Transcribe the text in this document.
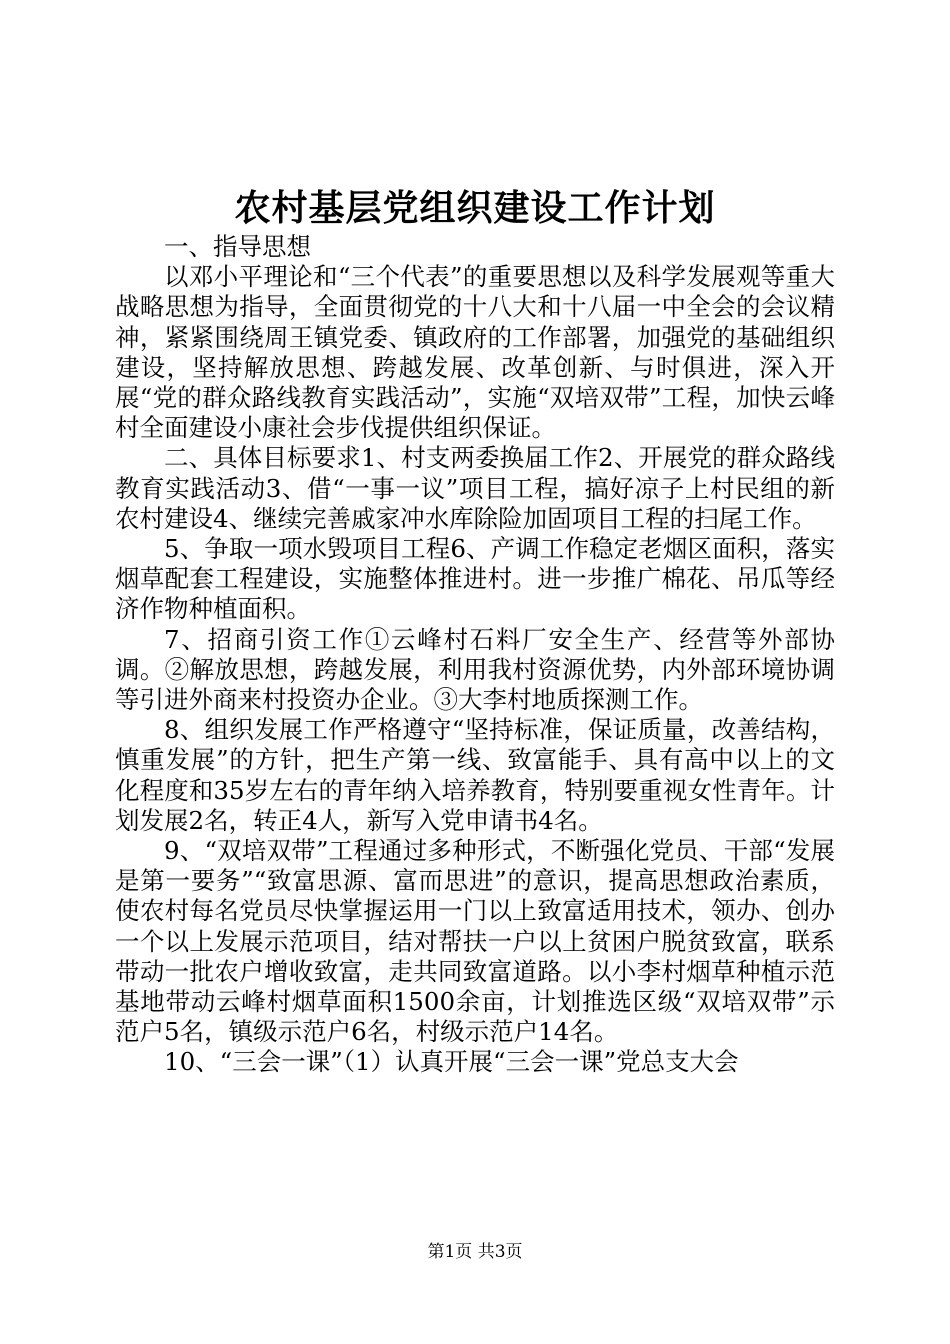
农村基层党组织建设工作计划

一、指导思想

以邓小平理论和“三个代表”的重要思想以及科学发展观等重大战略思想为指导，全面贯彻党的十八大和十八届一中全会的会议精神，紧紧围绕周王镇党委、镇政府的工作部署，加强党的基础组织建设，坚持解放思想、跨越发展、改革创新、与时俱进，深入开展“党的群众路线教育实践活动”，实施“双培双带”工程，加快云峰村全面建设小康社会步伐提供组织保证。

二、具体目标要求1、村支两委换届工作2、开展党的群众路线教育实践活动3、借“一事一议”项目工程，搞好凉子上村民组的新农村建设4、继续完善戚家冲水库除险加固项目工程的扫尾工作。

5、争取一项水毁项目工程6、产调工作稳定老烟区面积，落实烟草配套工程建设，实施整体推进村。进一步推广棉花、吊瓜等经济作物种植面积。

7、招商引资工作①云峰村石料厂安全生产、经营等外部协调。②解放思想，跨越发展，利用我村资源优势，内外部环境协调等引进外商来村投资办企业。③大李村地质探测工作。

8、组织发展工作严格遵守“坚持标准，保证质量，改善结构，慎重发展”的方针，把生产第一线、致富能手、具有高中以上的文化程度和35岁左右的青年纳入培养教育，特别要重视女性青年。计划发展2名，转正4人，新写入党申请书4名。

9、“双培双带”工程通过多种形式，不断强化党员、干部“发展是第一要务”“致富思源、富而思进”的意识，提高思想政治素质，使农村每名党员尽快掌握运用一门以上致富适用技术，领办、创办一个以上发展示范项目，结对帮扶一户以上贫困户脱贫致富，联系带动一批农户增收致富，走共同致富道路。以小李村烟草种植示范基地带动云峰村烟草面积1500余亩，计划推选区级“双培双带”示范户5名，镇级示范户6名，村级示范户14名。

10、“三会一课”（1）认真开展“三会一课”党总支大会

第1页 共3页
